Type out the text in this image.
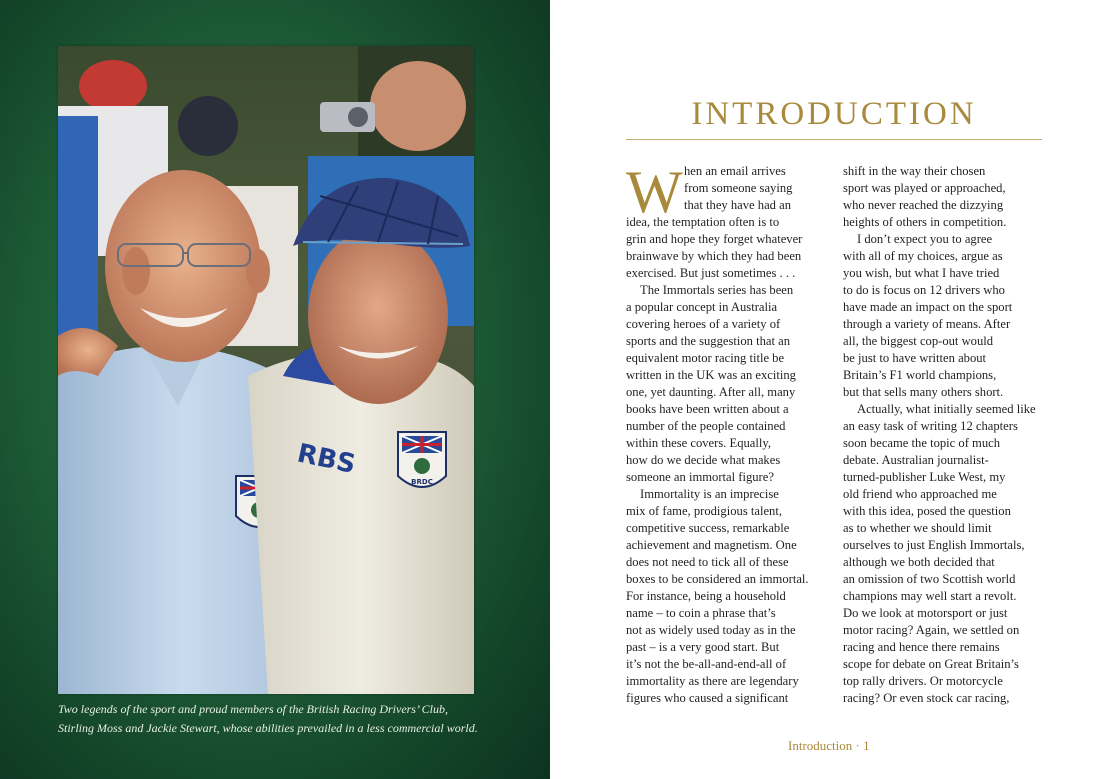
RBS
BRDC
Two legends of the sport and proud members of the British Racing Drivers’ Club,
Stirling Moss and Jackie Stewart, whose abilities prevailed in a less commercial world.
INTRODUCTION
W hen an email arrives
from someone saying
that they have had an
idea, the temptation often is to
grin and hope they forget whatever
brainwave by which they had been
exercised. But just sometimes . . .
The Immortals series has been
a popular concept in Australia
covering heroes of a variety of
sports and the suggestion that an
equivalent motor racing title be
written in the UK was an exciting
one, yet daunting. After all, many
books have been written about a
number of the people contained
within these covers. Equally,
how do we decide what makes
someone an immortal figure?
Immortality is an imprecise
mix of fame, prodigious talent,
competitive success, remarkable
achievement and magnetism. One
does not need to tick all of these
boxes to be considered an immortal.
For instance, being a household
name – to coin a phrase that’s
not as widely used today as in the
past – is a very good start. But
it’s not the be-all-and-end-all of
immortality as there are legendary
figures who caused a significant
shift in the way their chosen
sport was played or approached,
who never reached the dizzying
heights of others in competition.
I don’t expect you to agree
with all of my choices, argue as
you wish, but what I have tried
to do is focus on 12 drivers who
have made an impact on the sport
through a variety of means. After
all, the biggest cop-out would
be just to have written about
Britain’s F1 world champions,
but that sells many others short.
Actually, what initially seemed like
an easy task of writing 12 chapters
soon became the topic of much
debate. Australian journalist-
turned-publisher Luke West, my
old friend who approached me
with this idea, posed the question
as to whether we should limit
ourselves to just English Immortals,
although we both decided that
an omission of two Scottish world
champions may well start a revolt.
Do we look at motorsport or just
motor racing? Again, we settled on
racing and hence there remains
scope for debate on Great Britain’s
top rally drivers. Or motorcycle
racing? Or even stock car racing,
Introduction · 1
